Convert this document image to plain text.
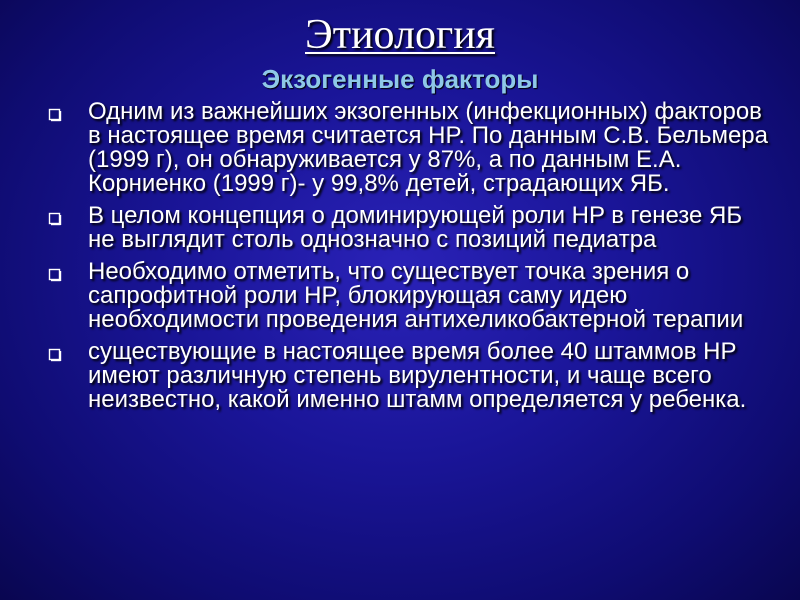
Этиология
Экзогенные факторы
Одним из важнейших экзогенных (инфекционных) факторов в настоящее время считается HP. По данным С.В. Бельмера (1999 г), он обнаруживается у 87%, а по данным Е.А. Корниенко (1999 г)- у 99,8% детей, страдающих ЯБ.
В целом концепция о доминирующей роли HP в генезе ЯБ не выглядит столь однозначно с позиций педиатра
Необходимо отметить, что существует точка зрения о сапрофитной роли HP, блокирующая саму идею необходимости проведения антихеликобактерной терапии
существующие в настоящее время более 40 штаммов HP имеют различную степень вирулентности, и чаще всего неизвестно, какой именно штамм определяется у ребенка.
